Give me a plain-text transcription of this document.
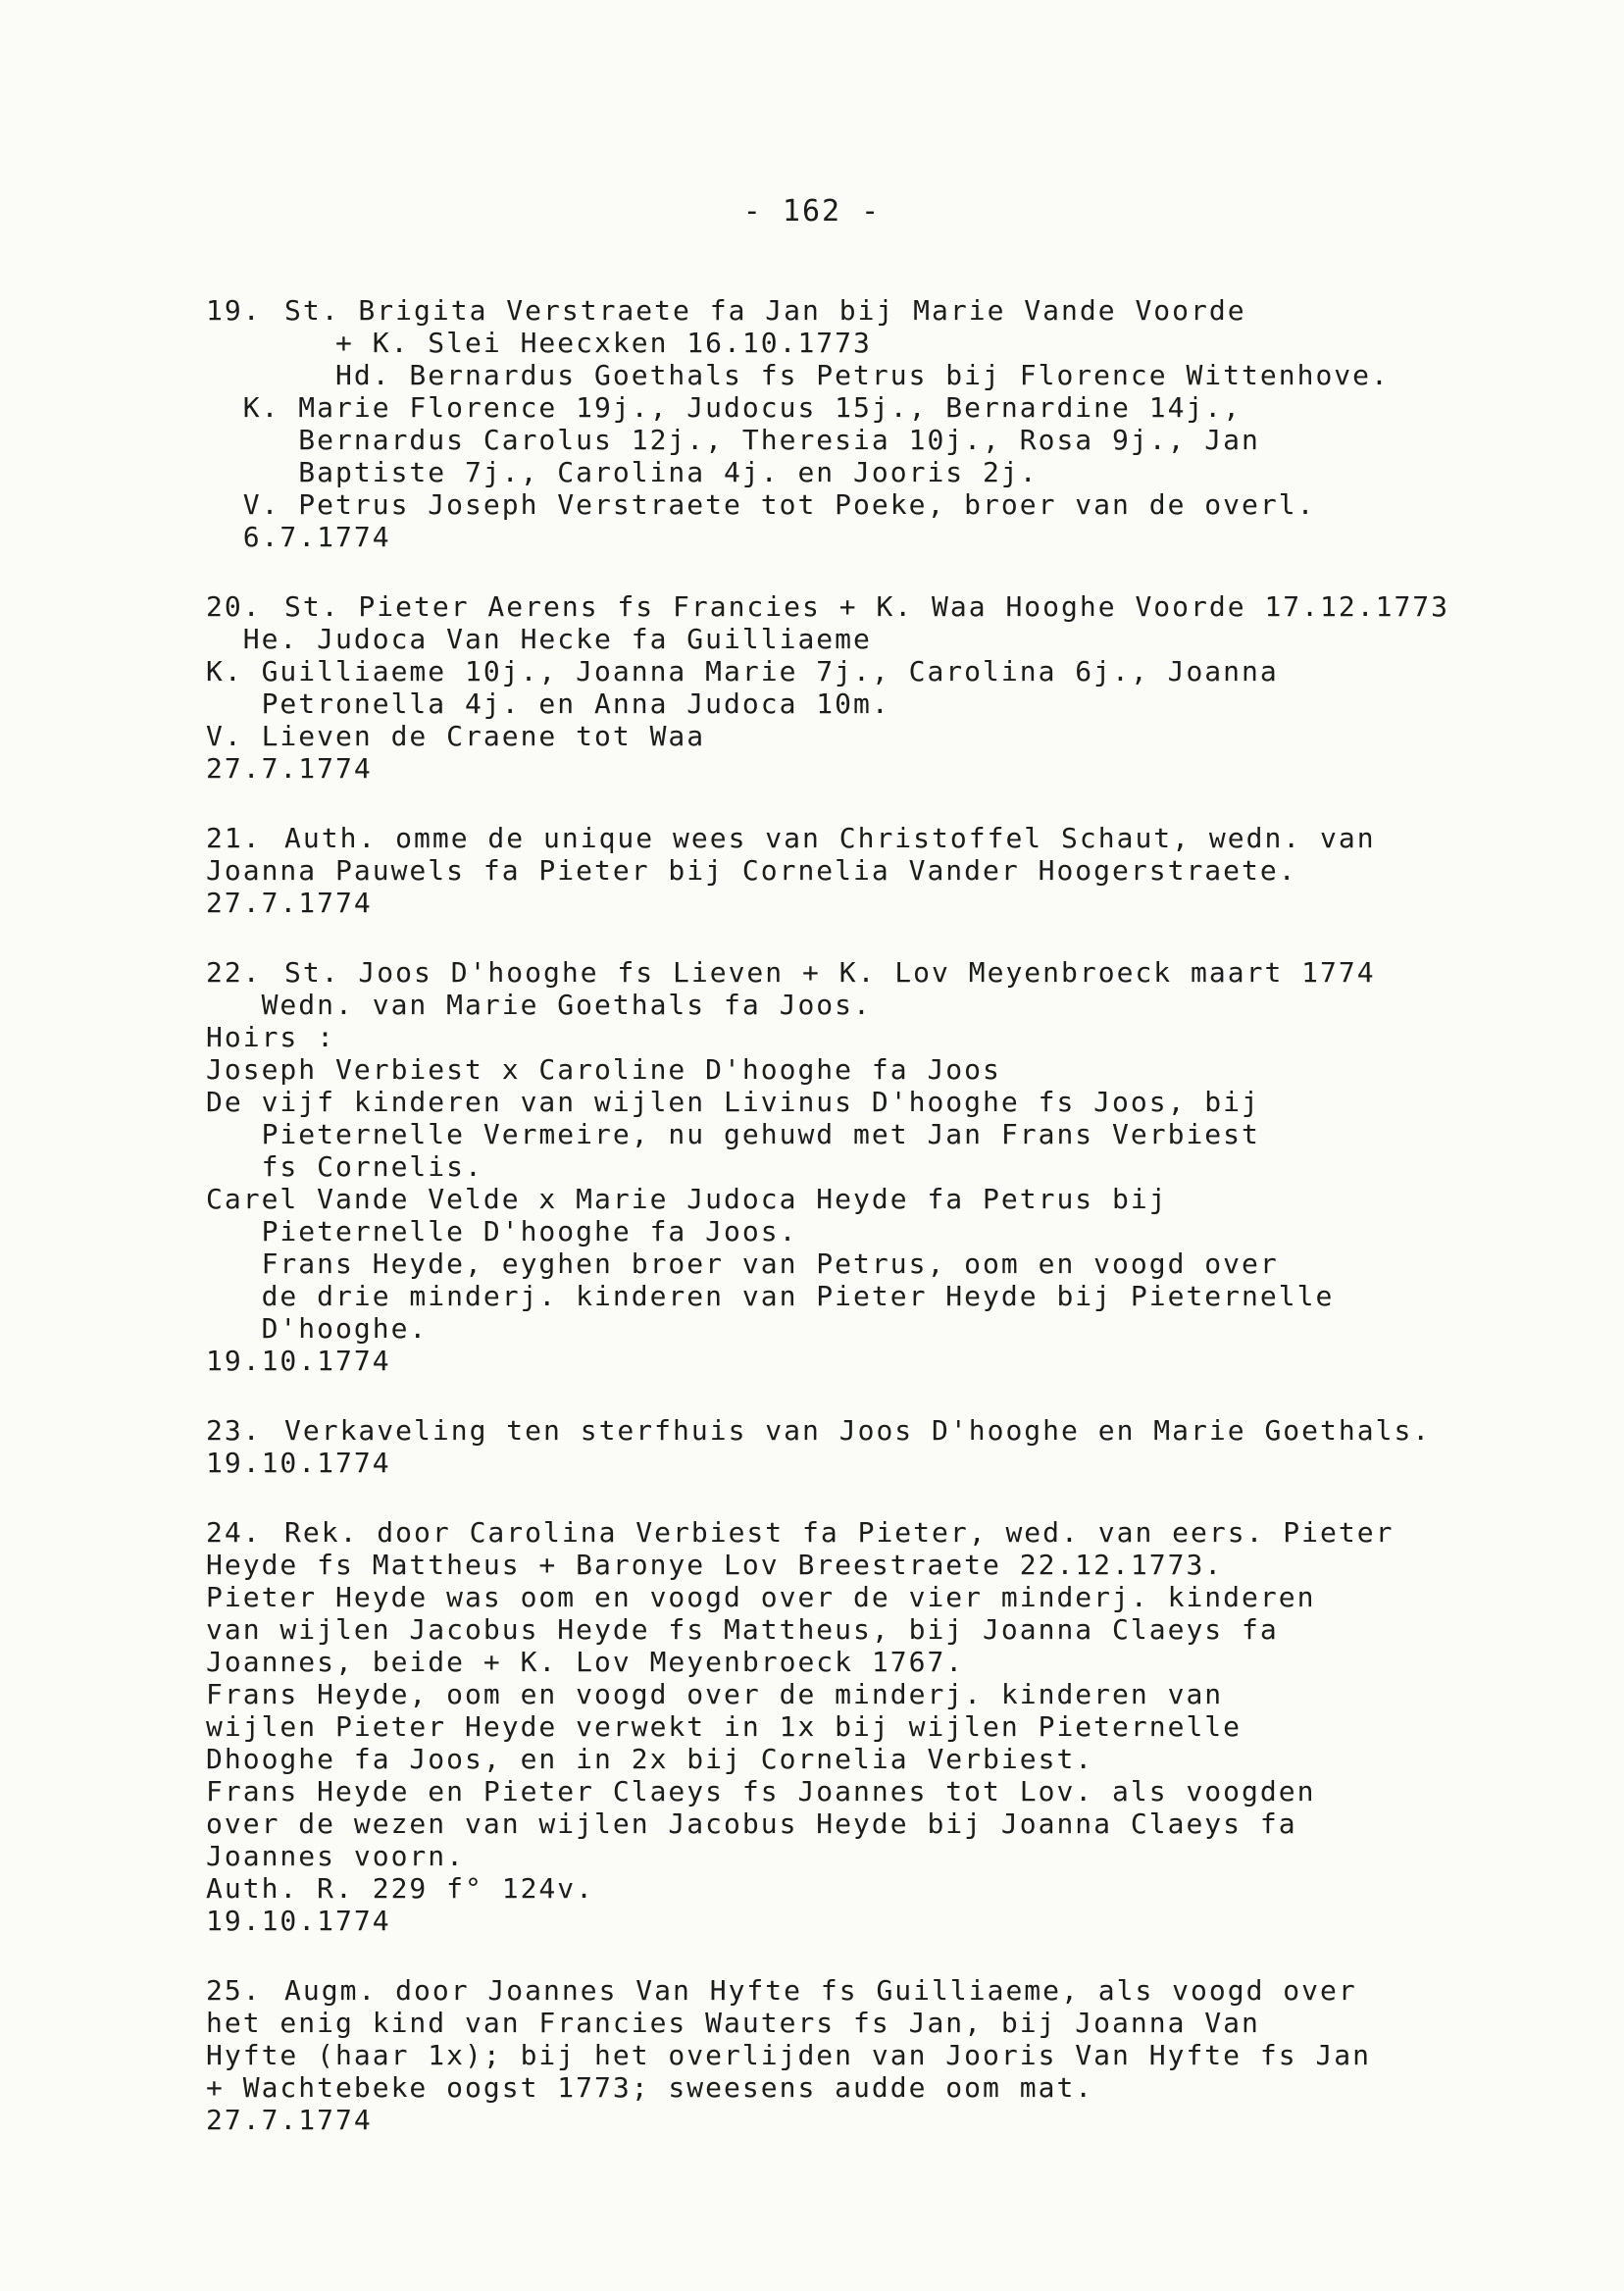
- 162 -
19. St. Brigita Verstraete fa Jan bij Marie Vande Voorde
+ K. Slei Heecxken 16.10.1773
Hd. Bernardus Goethals fs Petrus bij Florence Wittenhove.
K. Marie Florence 19j., Judocus 15j., Bernardine 14j.,
Bernardus Carolus 12j., Theresia 10j., Rosa 9j., Jan
Baptiste 7j., Carolina 4j. en Jooris 2j.
V. Petrus Joseph Verstraete tot Poeke, broer van de overl.
6.7.1774
20. St. Pieter Aerens fs Francies + K. Waa Hooghe Voorde 17.12.1773
He. Judoca Van Hecke fa Guilliaeme
K. Guilliaeme 10j., Joanna Marie 7j., Carolina 6j., Joanna
Petronella 4j. en Anna Judoca 10m.
V. Lieven de Craene tot Waa
27.7.1774
21. Auth. omme de unique wees van Christoffel Schaut, wedn. van
Joanna Pauwels fa Pieter bij Cornelia Vander Hoogerstraete.
27.7.1774
22. St. Joos D'hooghe fs Lieven + K. Lov Meyenbroeck maart 1774
Wedn. van Marie Goethals fa Joos.
Hoirs :
Joseph Verbiest x Caroline D'hooghe fa Joos
De vijf kinderen van wijlen Livinus D'hooghe fs Joos, bij
Pieternelle Vermeire, nu gehuwd met Jan Frans Verbiest
fs Cornelis.
Carel Vande Velde x Marie Judoca Heyde fa Petrus bij
Pieternelle D'hooghe fa Joos.
Frans Heyde, eyghen broer van Petrus, oom en voogd over
de drie minderj. kinderen van Pieter Heyde bij Pieternelle
D'hooghe.
19.10.1774
23. Verkaveling ten sterfhuis van Joos D'hooghe en Marie Goethals.
19.10.1774
24. Rek. door Carolina Verbiest fa Pieter, wed. van eers. Pieter
Heyde fs Mattheus + Baronye Lov Breestraete 22.12.1773.
Pieter Heyde was oom en voogd over de vier minderj. kinderen
van wijlen Jacobus Heyde fs Mattheus, bij Joanna Claeys fa
Joannes, beide + K. Lov Meyenbroeck 1767.
Frans Heyde, oom en voogd over de minderj. kinderen van
wijlen Pieter Heyde verwekt in 1x bij wijlen Pieternelle
Dhooghe fa Joos, en in 2x bij Cornelia Verbiest.
Frans Heyde en Pieter Claeys fs Joannes tot Lov. als voogden
over de wezen van wijlen Jacobus Heyde bij Joanna Claeys fa
Joannes voorn.
Auth. R. 229 f° 124v.
19.10.1774
25. Augm. door Joannes Van Hyfte fs Guilliaeme, als voogd over
het enig kind van Francies Wauters fs Jan, bij Joanna Van
Hyfte (haar 1x); bij het overlijden van Jooris Van Hyfte fs Jan
+ Wachtebeke oogst 1773; sweesens audde oom mat.
27.7.1774
